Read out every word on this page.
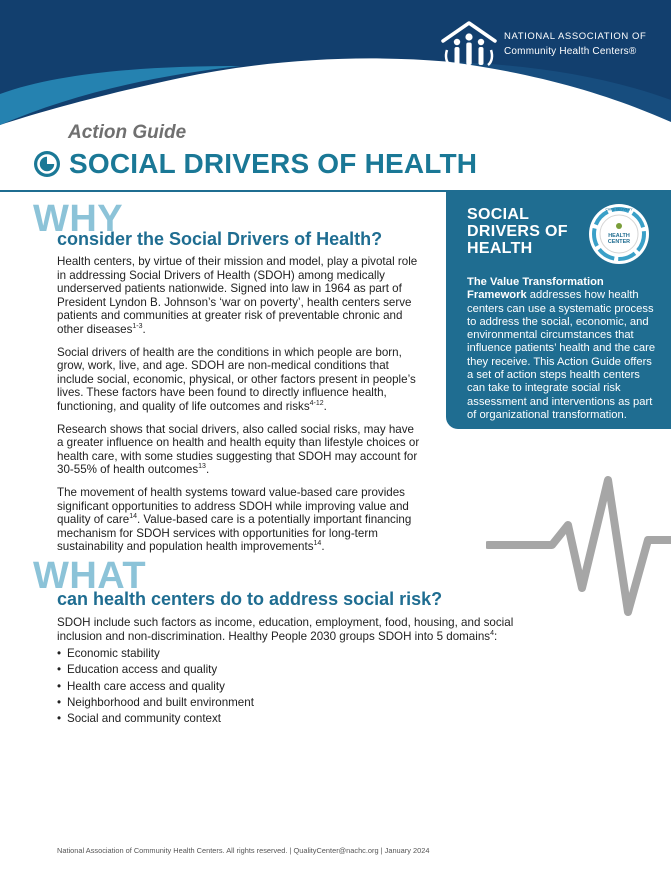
NATIONAL ASSOCIATION OF
Community Health Centers®
Action Guide
SOCIAL DRIVERS OF HEALTH
WHY
consider the Social Drivers of Health?

Health centers, by virtue of their mission and model, play a pivotal role in addressing Social Drivers of Health (SDOH) among medically underserved patients nationwide. Signed into law in 1964 as part of President Lyndon B. Johnson’s ‘war on poverty’, health centers serve patients and communities at greater risk of preventable chronic and other diseases$^{1-3}$.

Social drivers of health are the conditions in which people are born, grow, work, live, and age. SDOH are non-medical conditions that include social, economic, physical, or other factors present in people’s lives. These factors have been found to directly influence health, functioning, and quality of life outcomes and risks$^{4-12}$.

Research shows that social drivers, also called social risks, may have a greater influence on health and health equity than lifestyle choices or health care, with some studies suggesting that SDOH may account for 30-55% of health outcomes$^{13}$.

The movement of health systems toward value-based care provides significant opportunities to address SDOH while improving value and quality of care$^{14}$. Value-based care is a potentially important financing mechanism for SDOH services with opportunities for long-term sustainability and population health improvements$^{14}$.

SOCIAL DRIVERS OF HEALTH
The Value Transformation Framework addresses how health centers can use a systematic process to address the social, economic, and environmental circumstances that influence patients’ health and the care they receive. This Action Guide offers a set of action steps health centers can take to integrate social risk assessment and interventions as part of organizational transformation.
HEALTH
CENTER
CARE DELIVERY
WHAT
can health centers do to address social risk?
SDOH include such factors as income, education, employment, food, housing, and social inclusion and non-discrimination. Healthy People 2030 groups SDOH into 5 domains$^4$:
• Economic stability
• Education access and quality
• Health care access and quality
• Neighborhood and built environment
• Social and community context
National Association of Community Health Centers. All rights reserved. | QualityCenter@nachc.org | January 2024
